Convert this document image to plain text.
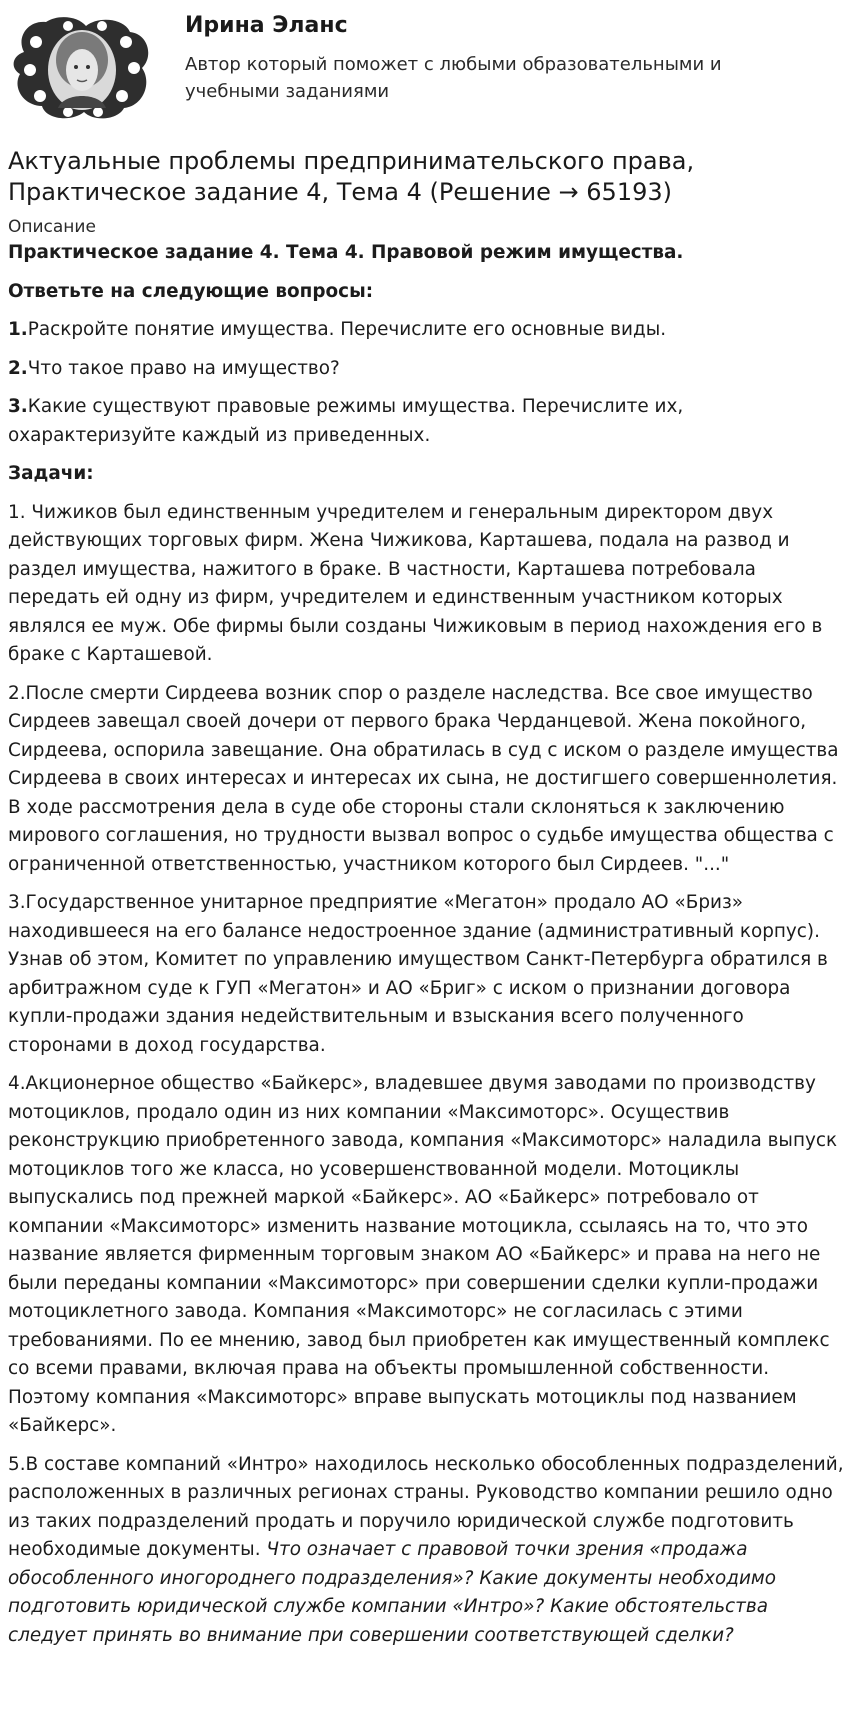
Ирина Эланс
Автор который поможет с любыми образовательными и учебными заданиями
Актуальные проблемы предпринимательского права, Практическое задание 4, Тема 4 (Решение → 65193)
Описание

Практическое задание 4. Тема 4. Правовой режим имущества.

Ответьте на следующие вопросы:

1.Раскройте понятие имущества. Перечислите его основные виды.

2.Что такое право на имущество?

3.Какие существуют правовые режимы имущества. Перечислите их, охарактеризуйте каждый из приведенных.

Задачи:

1. Чижиков был единственным учредителем и генеральным директором двух действующих торговых фирм. Жена Чижикова, Карташева, подала на развод и раздел имущества, нажитого в браке. В частности, Карташева потребовала передать ей одну из фирм, учредителем и единственным участником которых являлся ее муж. Обе фирмы были созданы Чижиковым в период нахождения его в браке с Карташевой.

2.После смерти Сирдеева возник спор о разделе наследства. Все свое имущество Сирдеев завещал своей дочери от первого брака Черданцевой. Жена покойного, Сирдеева, оспорила завещание. Она обратилась в суд с иском о разделе имущества Сирдеева в своих интересах и интересах их сына, не достигшего совершеннолетия. В ходе рассмотрения дела в суде обе стороны стали склоняться к заключению мирового соглашения, но трудности вызвал вопрос о судьбе имущества общества с ограниченной ответственностью, участником которого был Сирдеев. "..."

3.Государственное унитарное предприятие «Мегатон» продало АО «Бриз» находившееся на его балансе недостроенное здание (административный корпус). Узнав об этом, Комитет по управлению имуществом Санкт-Петербурга обратился в арбитражном суде к ГУП «Мегатон» и АО «Бриг» с иском о признании договора купли-продажи здания недействительным и взыскания всего полученного сторонами в доход государства.

4.Акционерное общество «Байкерс», владевшее двумя заводами по производству мотоциклов, продало один из них компании «Максимоторс». Осуществив реконструкцию приобретенного завода, компания «Максимоторс» наладила выпуск мотоциклов того же класса, но усовершенствованной модели. Мотоциклы выпускались под прежней маркой «Байкерс». АО «Байкерс» потребовало от компании «Максимоторс» изменить название мотоцикла, ссылаясь на то, что это название является фирменным торговым знаком АО «Байкерс» и права на него не были переданы компании «Максимоторс» при совершении сделки купли-продажи мотоциклетного завода. Компания «Максимоторс» не согласилась с этими требованиями. По ее мнению, завод был приобретен как имущественный комплекс со всеми правами, включая права на объекты промышленной собственности. Поэтому компания «Максимоторс» вправе выпускать мотоциклы под названием «Байкерс».

5.В составе компаний «Интро» находилось несколько обособленных подразделений, расположенных в различных регионах страны. Руководство компании решило одно из таких подразделений продать и поручило юридической службе подготовить необходимые документы. Что означает с правовой точки зрения «продажа обособленного иногороднего подразделения»? Какие документы необходимо подготовить юридической службе компании «Интро»? Какие обстоятельства следует принять во внимание при совершении соответствующей сделки?
